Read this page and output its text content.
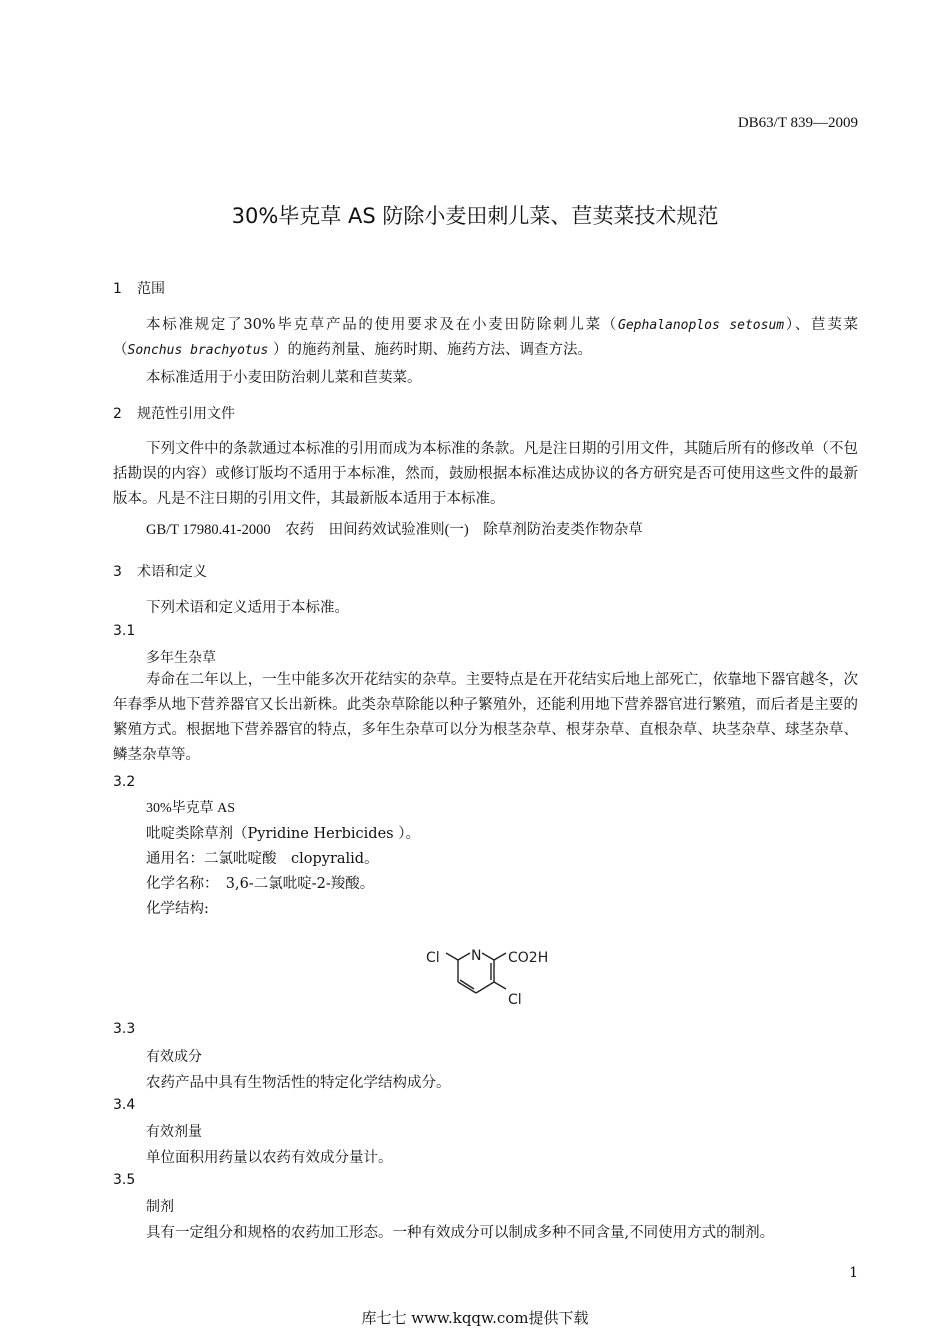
DB63/T 839—2009
30%毕克草 AS 防除小麦田刺儿菜、苣荬菜技术规范
1 范围
本标准规定了30%毕克草产品的使用要求及在小麦田防除刺儿菜（Gephalanoplos setosum）、苣荬菜（Sonchus brachyotus ）的施药剂量、施药时期、施药方法、调查方法。
本标准适用于小麦田防治刺儿菜和苣荬菜。
2 规范性引用文件
下列文件中的条款通过本标准的引用而成为本标准的条款。凡是注日期的引用文件，其随后所有的修改单（不包括勘误的内容）或修订版均不适用于本标准，然而，鼓励根据本标准达成协议的各方研究是否可使用这些文件的最新版本。凡是不注日期的引用文件，其最新版本适用于本标准。
GB/T 17980.41-2000　农药　田间药效试验准则(一)　除草剂防治麦类作物杂草
3 术语和定义
下列术语和定义适用于本标准。
3.1
多年生杂草
寿命在二年以上，一生中能多次开花结实的杂草。主要特点是在开花结实后地上部死亡，依靠地下器官越冬，次年春季从地下营养器官又长出新株。此类杂草除能以种子繁殖外，还能利用地下营养器官进行繁殖，而后者是主要的繁殖方式。根据地下营养器官的特点，多年生杂草可以分为根茎杂草、根芽杂草、直根杂草、块茎杂草、球茎杂草、鳞茎杂草等。
3.2
30%毕克草 AS
吡啶类除草剂（Pyridine Herbicides ）。
通用名：二氯吡啶酸　clopyralid。
化学名称：　3,6-二氯吡啶-2-羧酸。
化学结构:
Cl N CO2H
Cl
3.3
有效成分
农药产品中具有生物活性的特定化学结构成分。
3.4
有效剂量
单位面积用药量以农药有效成分量计。
3.5
制剂
具有一定组分和规格的农药加工形态。一种有效成分可以制成多种不同含量,不同使用方式的制剂。
1
库七七 www.kqqw.com提供下载
